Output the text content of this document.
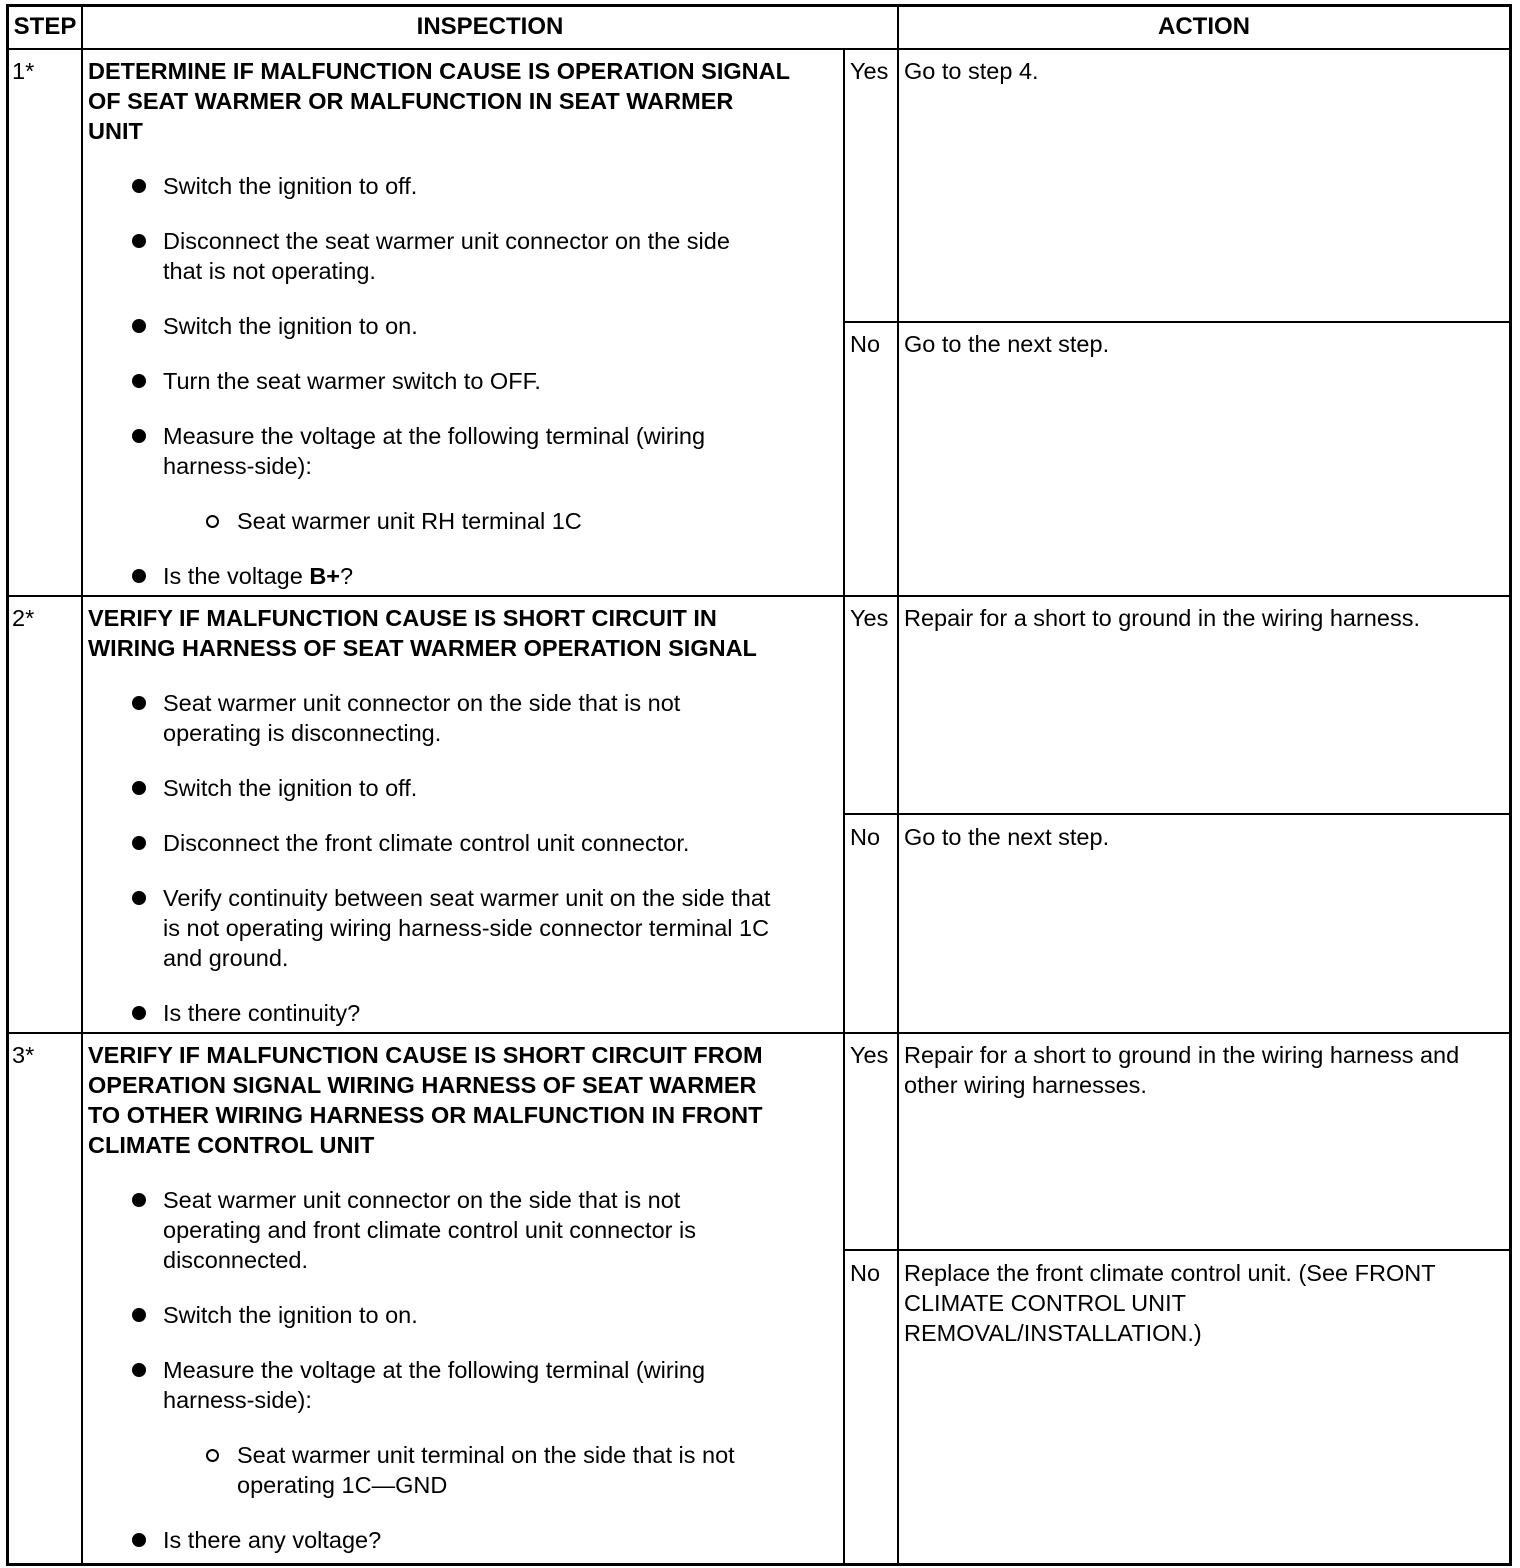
STEP	INSPECTION	ACTION
1* DETERMINE IF MALFUNCTION CAUSE IS OPERATION SIGNAL
OF SEAT WARMER OR MALFUNCTION IN SEAT WARMER
UNIT
Switch the ignition to off.
Disconnect the seat warmer unit connector on the side
that is not operating.
Switch the ignition to on.
Turn the seat warmer switch to OFF.
Measure the voltage at the following terminal (wiring
harness-side):
Seat warmer unit RH terminal 1C
Is the voltage B+?
Yes Go to step 4.
No Go to the next step.
2* VERIFY IF MALFUNCTION CAUSE IS SHORT CIRCUIT IN
WIRING HARNESS OF SEAT WARMER OPERATION SIGNAL
Seat warmer unit connector on the side that is not
operating is disconnecting.
Switch the ignition to off.
Disconnect the front climate control unit connector.
Verify continuity between seat warmer unit on the side that
is not operating wiring harness-side connector terminal 1C
and ground.
Is there continuity?
Yes Repair for a short to ground in the wiring harness.
No Go to the next step.
3* VERIFY IF MALFUNCTION CAUSE IS SHORT CIRCUIT FROM
OPERATION SIGNAL WIRING HARNESS OF SEAT WARMER
TO OTHER WIRING HARNESS OR MALFUNCTION IN FRONT
CLIMATE CONTROL UNIT
Seat warmer unit connector on the side that is not
operating and front climate control unit connector is
disconnected.
Switch the ignition to on.
Measure the voltage at the following terminal (wiring
harness-side):
Seat warmer unit terminal on the side that is not
operating 1C—GND
Is there any voltage?
Yes Repair for a short to ground in the wiring harness and
other wiring harnesses.
No Replace the front climate control unit. (See FRONT
CLIMATE CONTROL UNIT
REMOVAL/INSTALLATION.)
